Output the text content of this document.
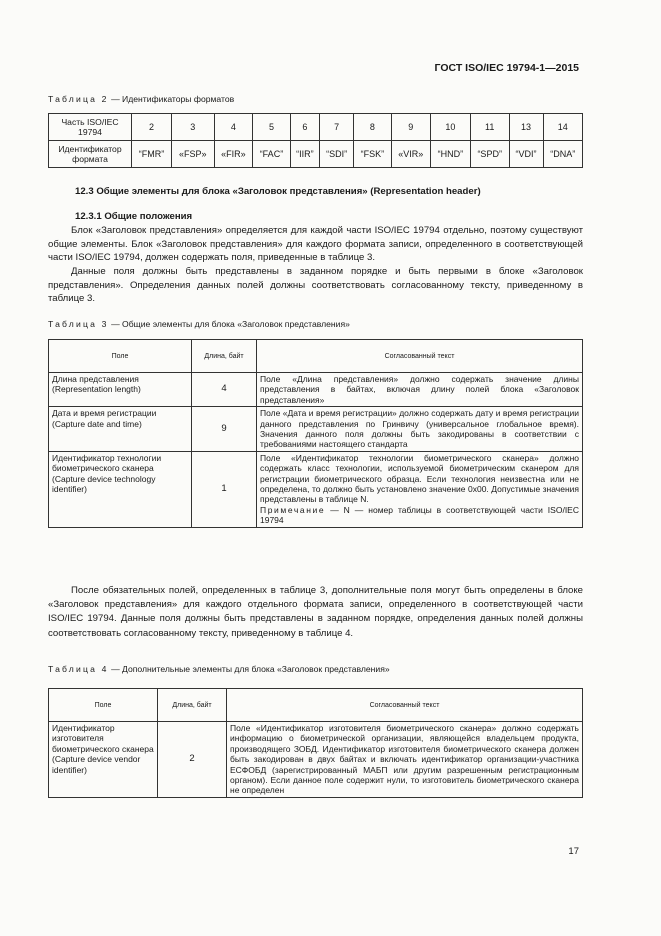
ГОСТ ISO/IEC 19794-1—2015
Таблица 2 — Идентификаторы форматов
Часть ISO/IEC 19794	2	3	4	5	6	7	8	9	10	11	13	14
Идентификатор формата	“FMR”	«FSP»	«FIR»	“FAC”	“IIR”	“SDI”	“FSK”	«VIR»	“HND”	“SPD”	“VDI”	“DNA”
12.3 Общие элементы для блока «Заголовок представления» (Representation header)
12.3.1 Общие положения
Блок «Заголовок представления» определяется для каждой части ISO/IEC 19794 отдельно, поэтому существуют общие элементы. Блок «Заголовок представления» для каждого формата записи, определенного в соответствующей части ISO/IEC 19794, должен содержать поля, приведенные в таблице 3.
Данные поля должны быть представлены в заданном порядке и быть первыми в блоке «Заголовок представления». Определения данных полей должны соответствовать согласованному тексту, приведенному в таблице 3.
Таблица 3 — Общие элементы для блока «Заголовок представления»
Поле	Длина, байт	Согласованный текст
Длина представления (Representation length)	4	Поле «Длина представления» должно содержать значение длины представления в байтах, включая длину полей блока «Заголовок представления»
Дата и время регистрации (Capture date and time)	9	Поле «Дата и время регистрации» должно содержать дату и время регистрации данного представления по Гринвичу (универсальное глобальное время). Значения данного поля должны быть закодированы в соответствии с требованиями настоящего стандарта
Идентификатор технологии биометрического сканера (Capture device technology identifier)	1	Поле «Идентификатор технологии биометрического сканера» должно содержать класс технологии, используемой биометрическим сканером для регистрации биометрического образца. Если технология неизвестна или не определена, то должно быть установлено значение 0x00. Допустимые значения представлены в таблице N.
Примечание — N — номер таблицы в соответствующей части ISO/IEC 19794
После обязательных полей, определенных в таблице 3, дополнительные поля могут быть определены в блоке «Заголовок представления» для каждого отдельного формата записи, определенного в соответствующей части ISO/IEC 19794. Данные поля должны быть представлены в заданном порядке, определения данных полей должны соответствовать согласованному тексту, приведенному в таблице 4.
Таблица 4 — Дополнительные элементы для блока «Заголовок представления»
Поле	Длина, байт	Согласованный текст
Идентификатор изготовителя биометрического сканера (Capture device vendor identifier)	2	Поле «Идентификатор изготовителя биометрического сканера» должно содержать информацию о биометрической организации, являющейся владельцем продукта, производящего ЗОБД. Идентификатор изготовителя биометрического сканера должен быть закодирован в двух байтах и включать идентификатор организации-участника ЕСФОБД (зарегистрированный МАБП или другим разрешенным регистрационным органом). Если данное поле содержит нули, то изготовитель биометрического сканера не определен
17
